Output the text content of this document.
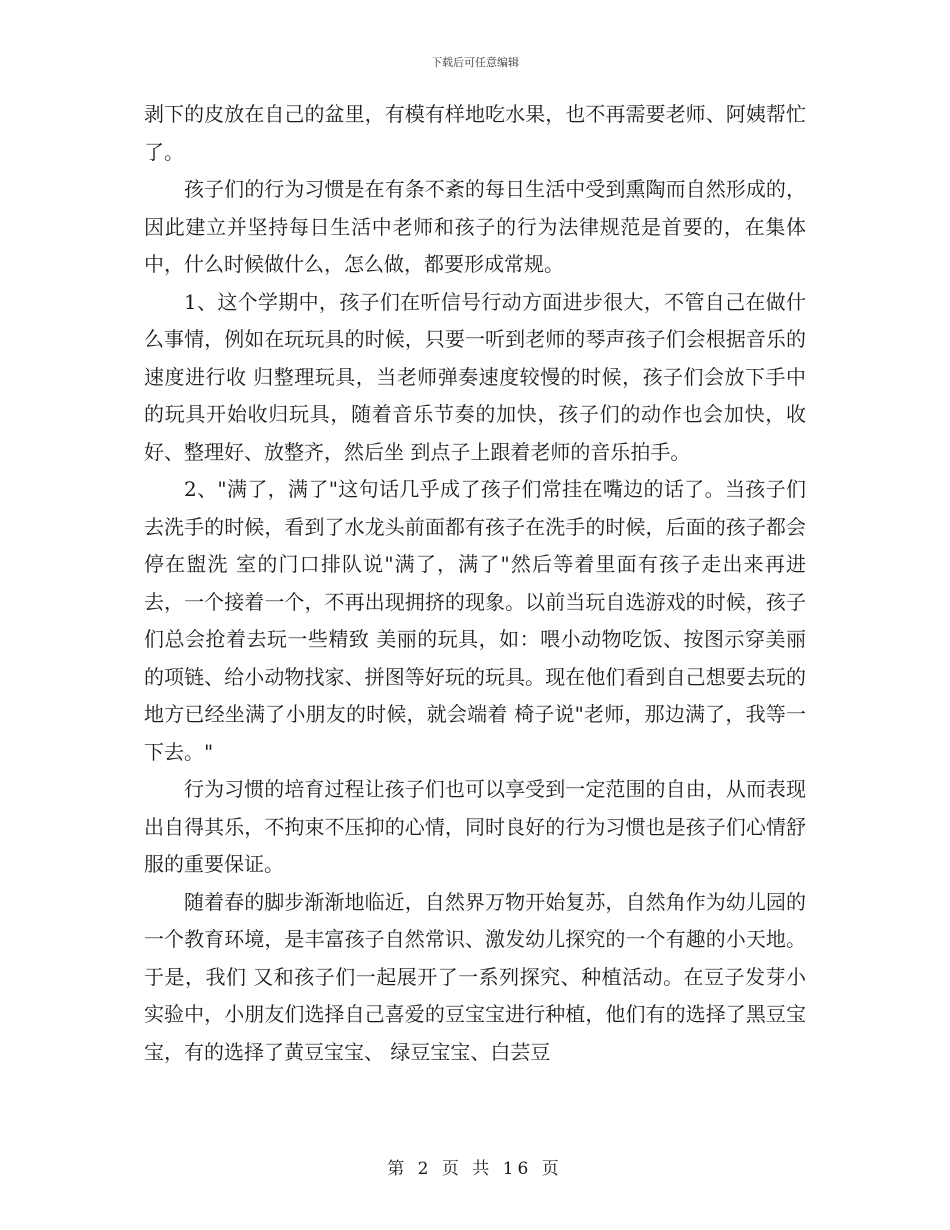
下载后可任意编辑

剥下的皮放在自己的盆里，有模有样地吃水果，也不再需要老师、阿姨帮忙了。

孩子们的行为习惯是在有条不紊的每日生活中受到熏陶而自然形成的，因此建立并坚持每日生活中老师和孩子的行为法律规范是首要的，在集体中，什么时候做什么，怎么做，都要形成常规。

1、这个学期中，孩子们在听信号行动方面进步很大，不管自己在做什么事情，例如在玩玩具的时候，只要一听到老师的琴声孩子们会根据音乐的速度进行收 归整理玩具，当老师弹奏速度较慢的时候，孩子们会放下手中的玩具开始收归玩具，随着音乐节奏的加快，孩子们的动作也会加快，收好、整理好、放整齐，然后坐 到点子上跟着老师的音乐拍手。

2、"满了，满了"这句话几乎成了孩子们常挂在嘴边的话了。当孩子们去洗手的时候，看到了水龙头前面都有孩子在洗手的时候，后面的孩子都会停在盥洗 室的门口排队说"满了，满了"然后等着里面有孩子走出来再进去，一个接着一个，不再出现拥挤的现象。以前当玩自选游戏的时候，孩子们总会抢着去玩一些精致 美丽的玩具，如：喂小动物吃饭、按图示穿美丽的项链、给小动物找家、拼图等好玩的玩具。现在他们看到自己想要去玩的地方已经坐满了小朋友的时候，就会端着 椅子说"老师，那边满了，我等一下去。"

行为习惯的培育过程让孩子们也可以享受到一定范围的自由，从而表现出自得其乐，不拘束不压抑的心情，同时良好的行为习惯也是孩子们心情舒服的重要保证。

随着春的脚步渐渐地临近，自然界万物开始复苏，自然角作为幼儿园的一个教育环境，是丰富孩子自然常识、激发幼儿探究的一个有趣的小天地。于是，我们 又和孩子们一起展开了一系列探究、种植活动。在豆子发芽小实验中，小朋友们选择自己喜爱的豆宝宝进行种植，他们有的选择了黑豆宝宝，有的选择了黄豆宝宝、 绿豆宝宝、白芸豆

第 2 页 共 16 页
